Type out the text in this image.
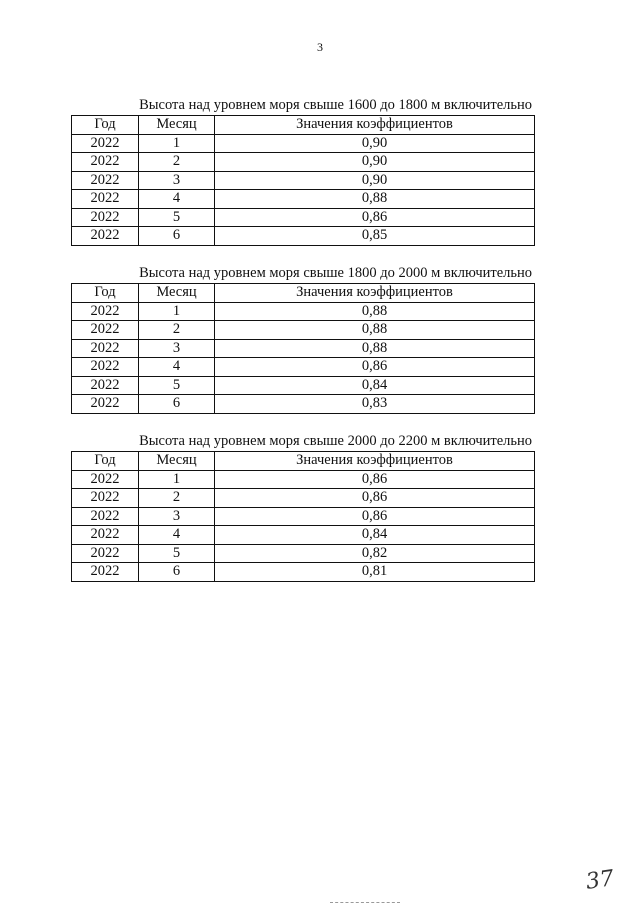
3
Высота над уровнем моря свыше 1600 до 1800 м включительно
Год	Месяц	Значения коэффициентов
2022	1	0,90
2022	2	0,90
2022	3	0,90
2022	4	0,88
2022	5	0,86
2022	6	0,85
Высота над уровнем моря свыше 1800 до 2000 м включительно
Год	Месяц	Значения коэффициентов
2022	1	0,88
2022	2	0,88
2022	3	0,88
2022	4	0,86
2022	5	0,84
2022	6	0,83
Высота над уровнем моря свыше 2000 до 2200 м включительно
Год	Месяц	Значения коэффициентов
2022	1	0,86
2022	2	0,86
2022	3	0,86
2022	4	0,84
2022	5	0,82
2022	6	0,81
37
